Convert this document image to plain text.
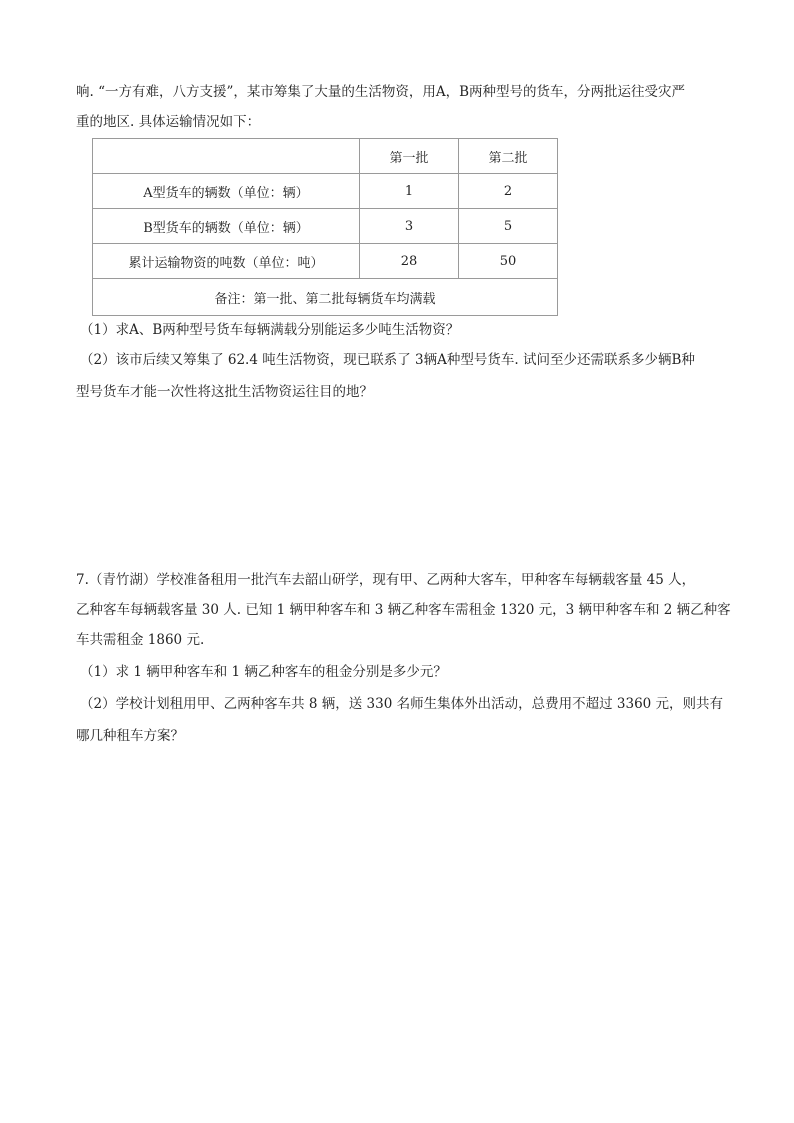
响. “一方有难，八方支援”，某市筹集了大量的生活物资，用A，B两种型号的货车，分两批运往受灾严
重的地区. 具体运输情况如下：
	第一批	第二批
A型货车的辆数（单位：辆）	1	2
B型货车的辆数（单位：辆）	3	5
累计运输物资的吨数（单位：吨）	28	50
备注：第一批、第二批每辆货车均满载		
（1）求A、B两种型号货车每辆满载分别能运多少吨生活物资？
（2）该市后续又筹集了 62.4 吨生活物资，现已联系了 3辆A种型号货车. 试问至少还需联系多少辆B种
型号货车才能一次性将这批生活物资运往目的地？
7.（青竹湖）学校准备租用一批汽车去韶山研学，现有甲、乙两种大客车，甲种客车每辆载客量 45 人，
乙种客车每辆载客量 30 人. 已知 1 辆甲种客车和 3 辆乙种客车需租金 1320 元，3 辆甲种客车和 2 辆乙种客
车共需租金 1860 元.
（1）求 1 辆甲种客车和 1 辆乙种客车的租金分别是多少元？
（2）学校计划租用甲、乙两种客车共 8 辆，送 330 名师生集体外出活动，总费用不超过 3360 元，则共有
哪几种租车方案？
